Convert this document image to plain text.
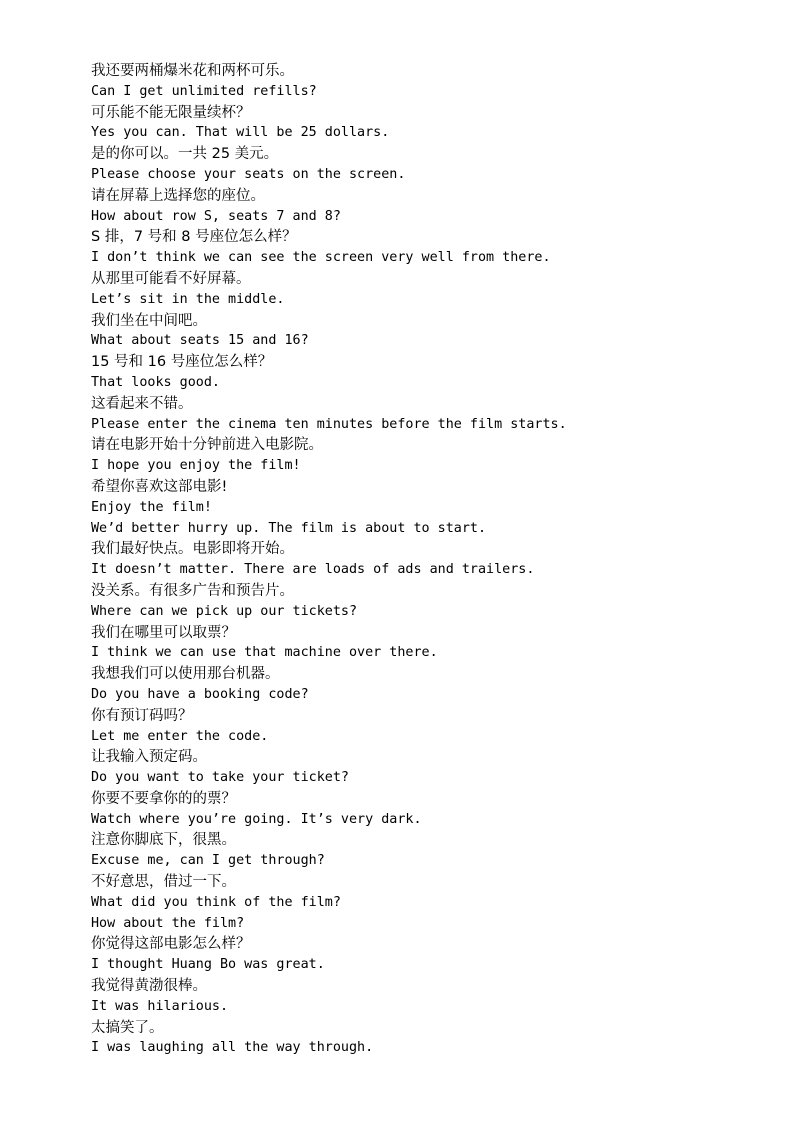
我还要两桶爆米花和两杯可乐。
Can I get unlimited refills?
可乐能不能无限量续杯？
Yes you can. That will be 25 dollars.
是的你可以。一共 25 美元。
Please choose your seats on the screen.
请在屏幕上选择您的座位。
How about row S, seats 7 and 8?
S 排，7 号和 8 号座位怎么样？
I don’t think we can see the screen very well from there.
从那里可能看不好屏幕。
Let’s sit in the middle.
我们坐在中间吧。
What about seats 15 and 16?
15 号和 16 号座位怎么样？
That looks good.
这看起来不错。
Please enter the cinema ten minutes before the film starts.
请在电影开始十分钟前进入电影院。
I hope you enjoy the film!
希望你喜欢这部电影!
Enjoy the film!
We’d better hurry up. The film is about to start.
我们最好快点。电影即将开始。
It doesn’t matter. There are loads of ads and trailers.
没关系。有很多广告和预告片。
Where can we pick up our tickets?
我们在哪里可以取票？
I think we can use that machine over there.
我想我们可以使用那台机器。
Do you have a booking code?
你有预订码吗？
Let me enter the code.
让我输入预定码。
Do you want to take your ticket?
你要不要拿你的的票？
Watch where you’re going. It’s very dark.
注意你脚底下，很黑。
Excuse me, can I get through?
不好意思，借过一下。
What did you think of the film?
How about the film?
你觉得这部电影怎么样？
I thought Huang Bo was great.
我觉得黄渤很棒。
It was hilarious.
太搞笑了。
I was laughing all the way through.
